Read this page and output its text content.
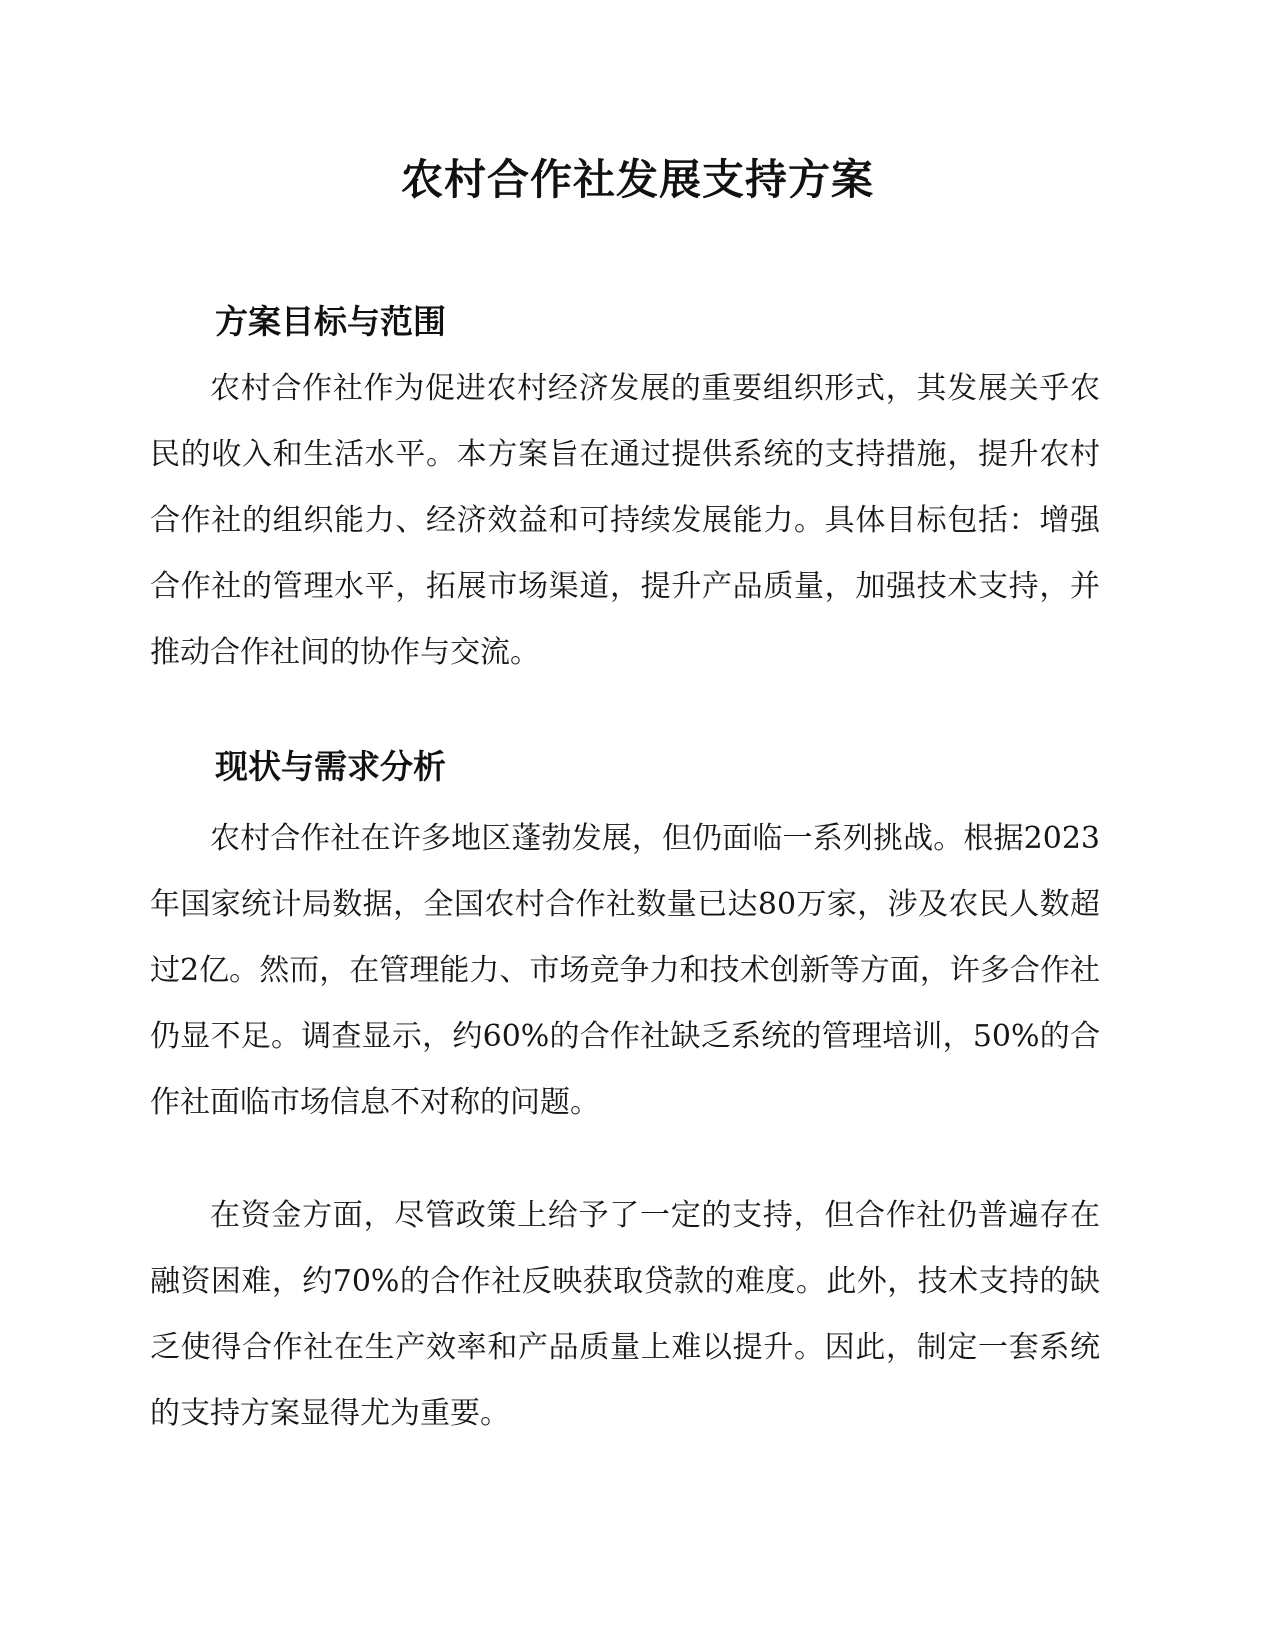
农村合作社发展支持方案
方案目标与范围

农村合作社作为促进农村经济发展的重要组织形式，其发展关乎农民的收入和生活水平。本方案旨在通过提供系统的支持措施，提升农村合作社的组织能力、经济效益和可持续发展能力。具体目标包括：增强合作社的管理水平，拓展市场渠道，提升产品质量，加强技术支持，并推动合作社间的协作与交流。

现状与需求分析

农村合作社在许多地区蓬勃发展，但仍面临一系列挑战。根据2023年国家统计局数据，全国农村合作社数量已达80万家，涉及农民人数超过2亿。然而，在管理能力、市场竞争力和技术创新等方面，许多合作社仍显不足。调查显示，约60%的合作社缺乏系统的管理培训，50%的合作社面临市场信息不对称的问题。

在资金方面，尽管政策上给予了一定的支持，但合作社仍普遍存在融资困难，约70%的合作社反映获取贷款的难度。此外，技术支持的缺乏使得合作社在生产效率和产品质量上难以提升。因此，制定一套系统的支持方案显得尤为重要。
